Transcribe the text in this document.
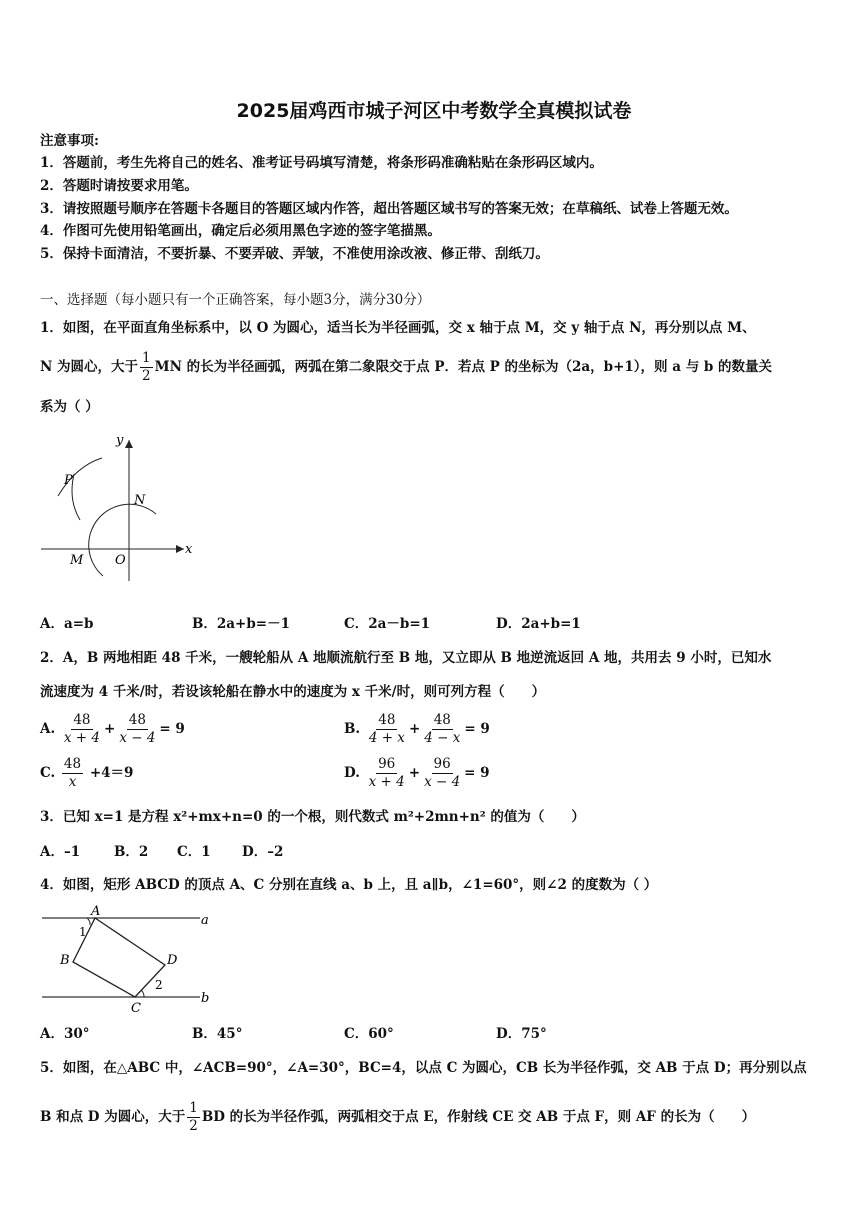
2025届鸡西市城子河区中考数学全真模拟试卷
注意事项:
1．答题前，考生先将自己的姓名、准考证号码填写清楚，将条形码准确粘贴在条形码区域内。
2．答题时请按要求用笔。
3．请按照题号顺序在答题卡各题目的答题区域内作答，超出答题区域书写的答案无效；在草稿纸、试卷上答题无效。
4．作图可先使用铅笔画出，确定后必须用黑色字迹的签字笔描黑。
5．保持卡面清洁，不要折暴、不要弄破、弄皱，不准使用涂改液、修正带、刮纸刀。
一、选择题（每小题只有一个正确答案，每小题3分，满分30分）
1．如图，在平面直角坐标系中，以 O 为圆心，适当长为半径画弧，交 x 轴于点 M，交 y 轴于点 N，再分别以点 M、
N 为圆心，大于 $\frac{1}{2}$ MN 的长为半径画弧，两弧在第二象限交于点 P．若点 P 的坐标为（2a，b+1），则 a 与 b 的数量关
系为（ ）
y
x
P
N
M O
A．a=b	B．2a+b=－1	C．2a－b=1	D．2a+b=1
2．A，B 两地相距 48 千米，一艘轮船从 A 地顺流航行至 B 地，又立即从 B 地逆流返回 A 地，共用去 9 小时，已知水
流速度为 4 千米/时，若设该轮船在静水中的速度为 x 千米/时，则可列方程（　　）
A. $\frac{48}{x + 4} + \frac{48}{x - 4} = 9$	B. $\frac{48}{4 + x} + \frac{48}{4 - x} = 9$
C. $\frac{48}{x} +4=9$	D. $\frac{96}{x + 4} + \frac{96}{x - 4} = 9$
3．已知 x=1 是方程 x²+mx+n=0 的一个根，则代数式 m²+2mn+n² 的值为（　　）
A．–1	B．2 C．1 D．–2
4．如图，矩形 ABCD 的顶点 A、C 分别在直线 a、b 上，且 a∥b，∠1=60°，则∠2 的度数为（ ）
A
B
C
D
1
2
a
b
A．30°	B．45°	C．60°	D．75°
5．如图，在△ABC 中，∠ACB=90°，∠A=30°，BC=4，以点 C 为圆心，CB 长为半径作弧，交 AB 于点 D；再分别以点
B 和点 D 为圆心，大于 $\frac{1}{2}$ BD 的长为半径作弧，两弧相交于点 E，作射线 CE 交 AB 于点 F，则 AF 的长为（　　）
